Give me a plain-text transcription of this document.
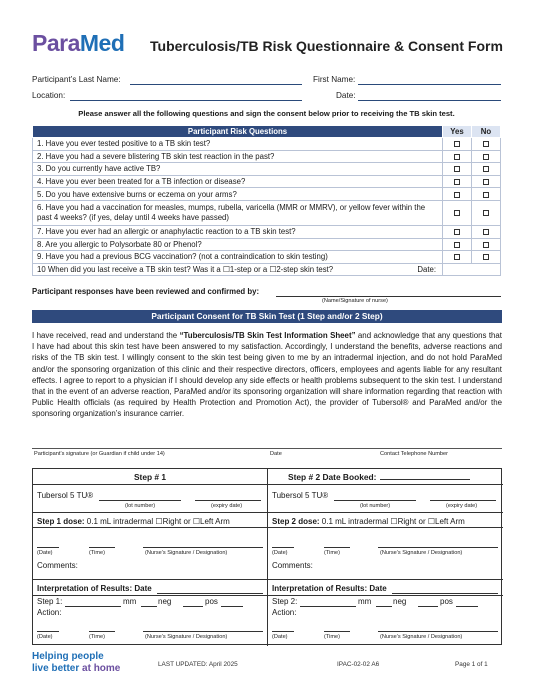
ParaMed Tuberculosis/TB Risk Questionnaire & Consent Form
Participant’s Last Name:	First Name:
Location:	Date:
Please answer all the following questions and sign the consent below prior to receiving the TB skin test.
Participant Risk Questions	Yes	No
1. Have you ever tested positive to a TB skin test?		
2. Have you had a severe blistering TB skin test reaction in the past?		
3. Do you currently have active TB?		
4. Have you ever been treated for a TB infection or disease?		
5. Do you have extensive burns or eczema on your arms?		
6. Have you had a vaccination for measles, mumps, rubella, varicella (MMR or MMRV), or yellow fever within the past 4 weeks? (if yes, delay until 4 weeks have passed)		
7. Have you ever had an allergic or anaphylactic reaction to a TB skin test?		
8. Are you allergic to Polysorbate 80 or Phenol?		
9. Have you had a previous BCG vaccination? (not a contraindication to skin testing)		
10 When did you last receive a TB skin test? Was it a ☐1-step or a ☐2-step skin test? Date:		

Participant responses have been reviewed and confirmed by:
(Name/Signature of nurse)
Participant Consent for TB Skin Test (1 Step and/or 2 Step)
I have received, read and understand the “Tuberculosis/TB Skin Test Information Sheet” and acknowledge that any questions that I have had about this skin test have been answered to my satisfaction. Accordingly, I understand the benefits, adverse reactions and risks of the TB skin test. I willingly consent to the skin test being given to me by an intradermal injection, and do not hold ParaMed and/or the sponsoring organization of this clinic and their respective directors, officers, employees and agents liable for any resultant effects. I agree to report to a physician if I should develop any side effects or health problems subsequent to the skin test. I understand that in the event of an adverse reaction, ParaMed and/or its sponsoring organization will share information regarding that reaction with Public Health officials (as required by Health Protection and Promotion Act), the provider of Tubersol® and ParaMed and/or the sponsoring organization’s insurance carrier.
Participant’s signature (or Guardian if child under 14)	Date	Contact Telephone Number
Step # 1
Tubersol 5 TU®
(lot number)	(expiry date)
Step 1 dose: 0.1 mL intradermal ☐Right or ☐Left Arm
(Date)	(Time)	(Nurse’s Signature / Designation)
Comments:
Interpretation of Results: Date
Step 1:	mm	neg	pos
Action:
(Date)	(Time)	(Nurse’s Signature / Designation)
Step # 2 Date Booked:
Tubersol 5 TU®
(lot number)	(expiry date)
Step 2 dose: 0.1 mL intradermal ☐Right or ☐Left Arm
(Date)	(Time)	(Nurse’s Signature / Designation)
Comments:
Interpretation of Results: Date
Step 2:	mm	neg	pos
Action:
(Date)	(Time)	(Nurse’s Signature / Designation)
Helping people
live better at home	LAST UPDATED: April 2025	IPAC-02-02 A6	Page 1 of 1
